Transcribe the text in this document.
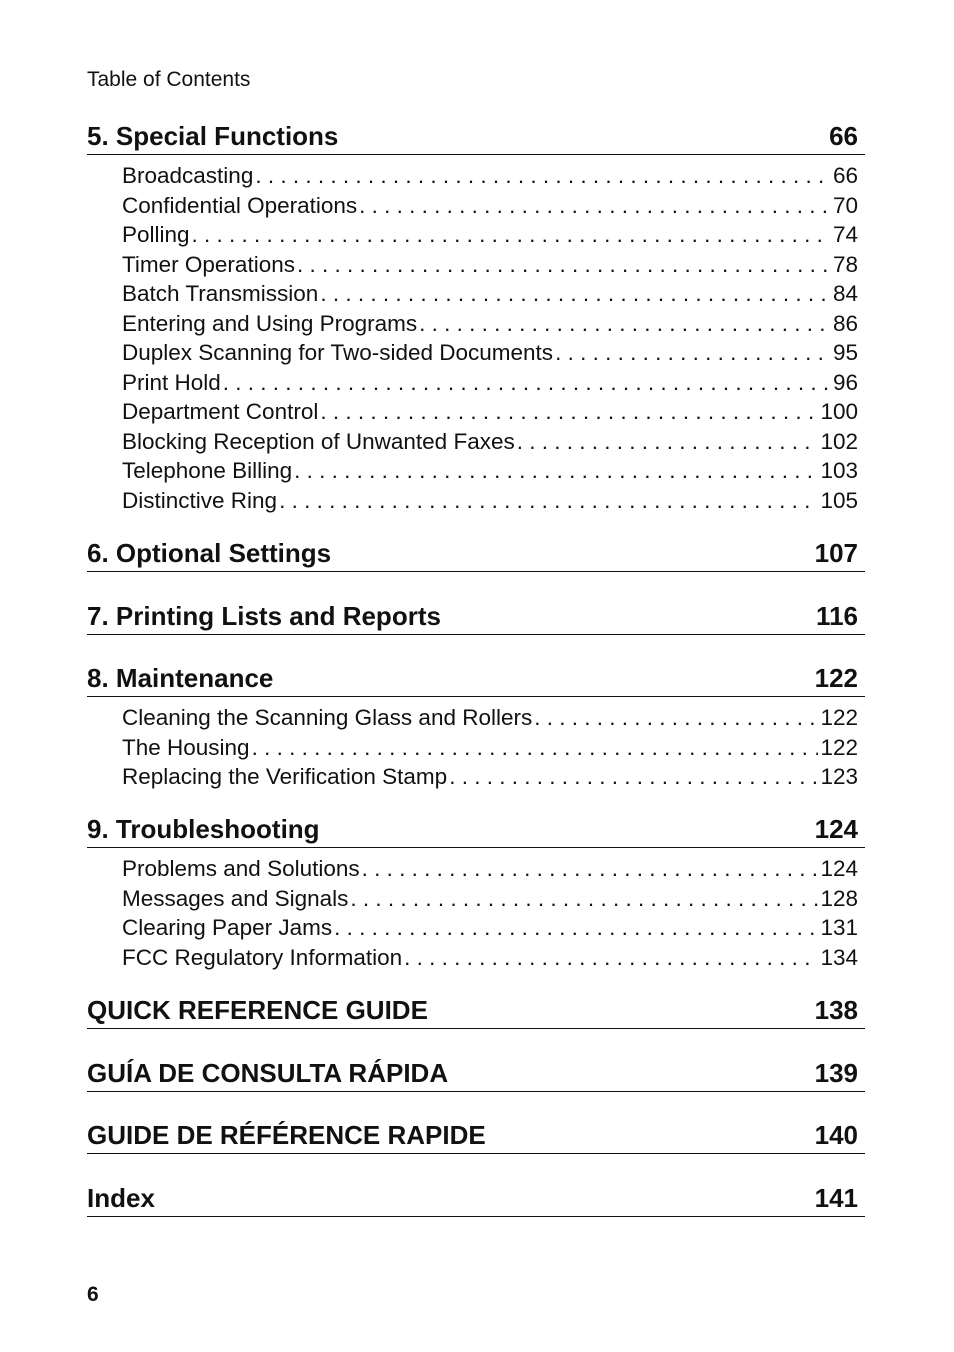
Table of Contents
5. Special Functions	66
Broadcasting . . .	66
Confidential Operations . . .	70
Polling . . .	74
Timer Operations . . .	78
Batch Transmission . . .	84
Entering and Using Programs . . .	86
Duplex Scanning for Two-sided Documents . . .	95
Print Hold . . .	96
Department Control . . .	100
Blocking Reception of Unwanted Faxes . . .	102
Telephone Billing . . .	103
Distinctive Ring . . .	105
6. Optional Settings	107
7. Printing Lists and Reports	116
8. Maintenance	122
Cleaning the Scanning Glass and Rollers . . .	122
The Housing . . .	122
Replacing the Verification Stamp . . .	123
9. Troubleshooting	124
Problems and Solutions . . .	124
Messages and Signals . . .	128
Clearing Paper Jams . . .	131
FCC Regulatory Information . . .	134
QUICK REFERENCE GUIDE	138
GUÍA DE CONSULTA RÁPIDA	139
GUIDE DE RÉFÉRENCE RAPIDE	140
Index	141
6
